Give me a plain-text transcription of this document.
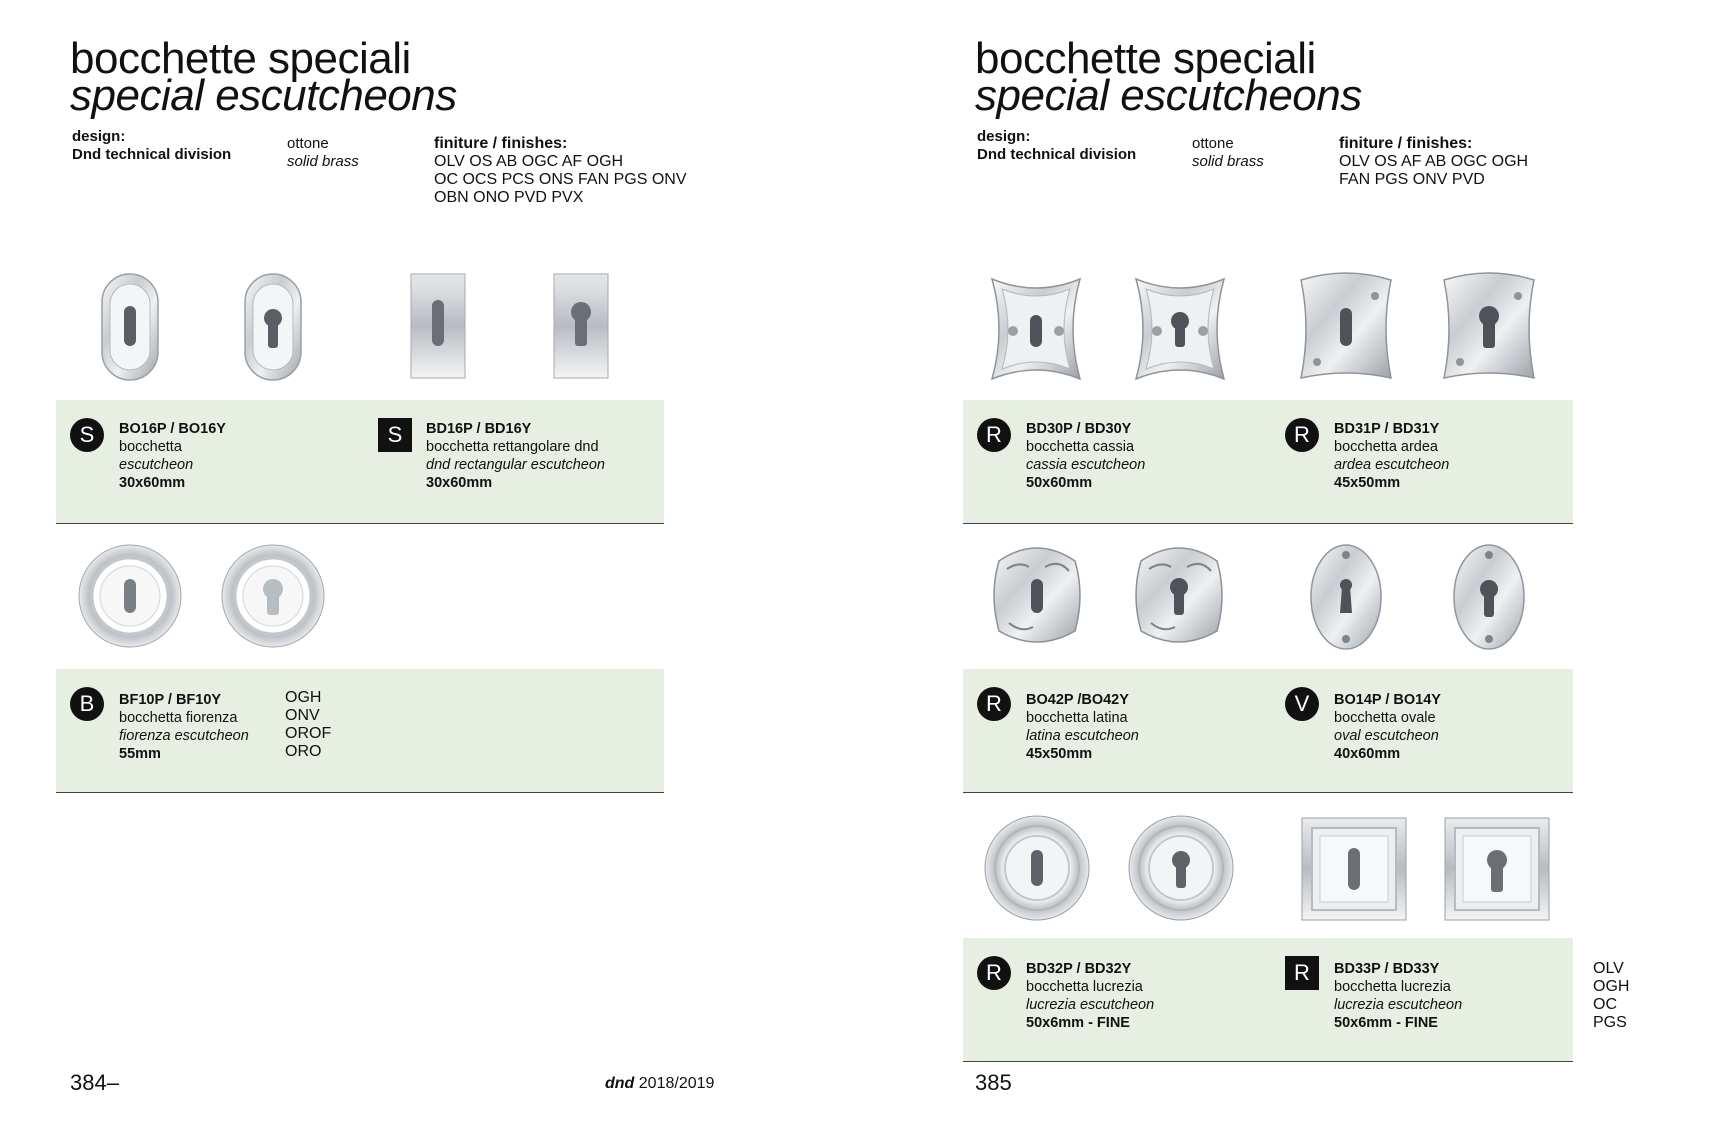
bocchette speciali
special escutcheons
design:
Dnd technical division
ottone
solid brass
finiture / finishes:
OLV OS AB OGC AF OGH
OC OCS PCS ONS FAN PGS ONV
OBN ONO PVD PVX
S	BO16P / BO16Y
bocchetta
escutcheon
30x60mm
S	BD16P / BD16Y
bocchetta rettangolare dnd
dnd rectangular escutcheon
30x60mm
B	BF10P / BF10Y
bocchetta fiorenza
fiorenza escutcheon
55mm
OGH
ONV
OROF
ORO
384–	dnd 2018/2019
bocchette speciali
special escutcheons
design:
Dnd technical division
ottone
solid brass
finiture / finishes:
OLV OS AF AB OGC OGH
FAN PGS ONV PVD
R	BD30P / BD30Y
bocchetta cassia
cassia escutcheon
50x60mm
R	BD31P / BD31Y
bocchetta ardea
ardea escutcheon
45x50mm
R	BO42P /BO42Y
bocchetta latina
latina escutcheon
45x50mm
V	BO14P / BO14Y
bocchetta ovale
oval escutcheon
40x60mm
R	BD32P / BD32Y
bocchetta lucrezia
lucrezia escutcheon
50x6mm - FINE
R	BD33P / BD33Y
bocchetta lucrezia
lucrezia escutcheon
50x6mm - FINE
OLV
OGH
OC
PGS
385
